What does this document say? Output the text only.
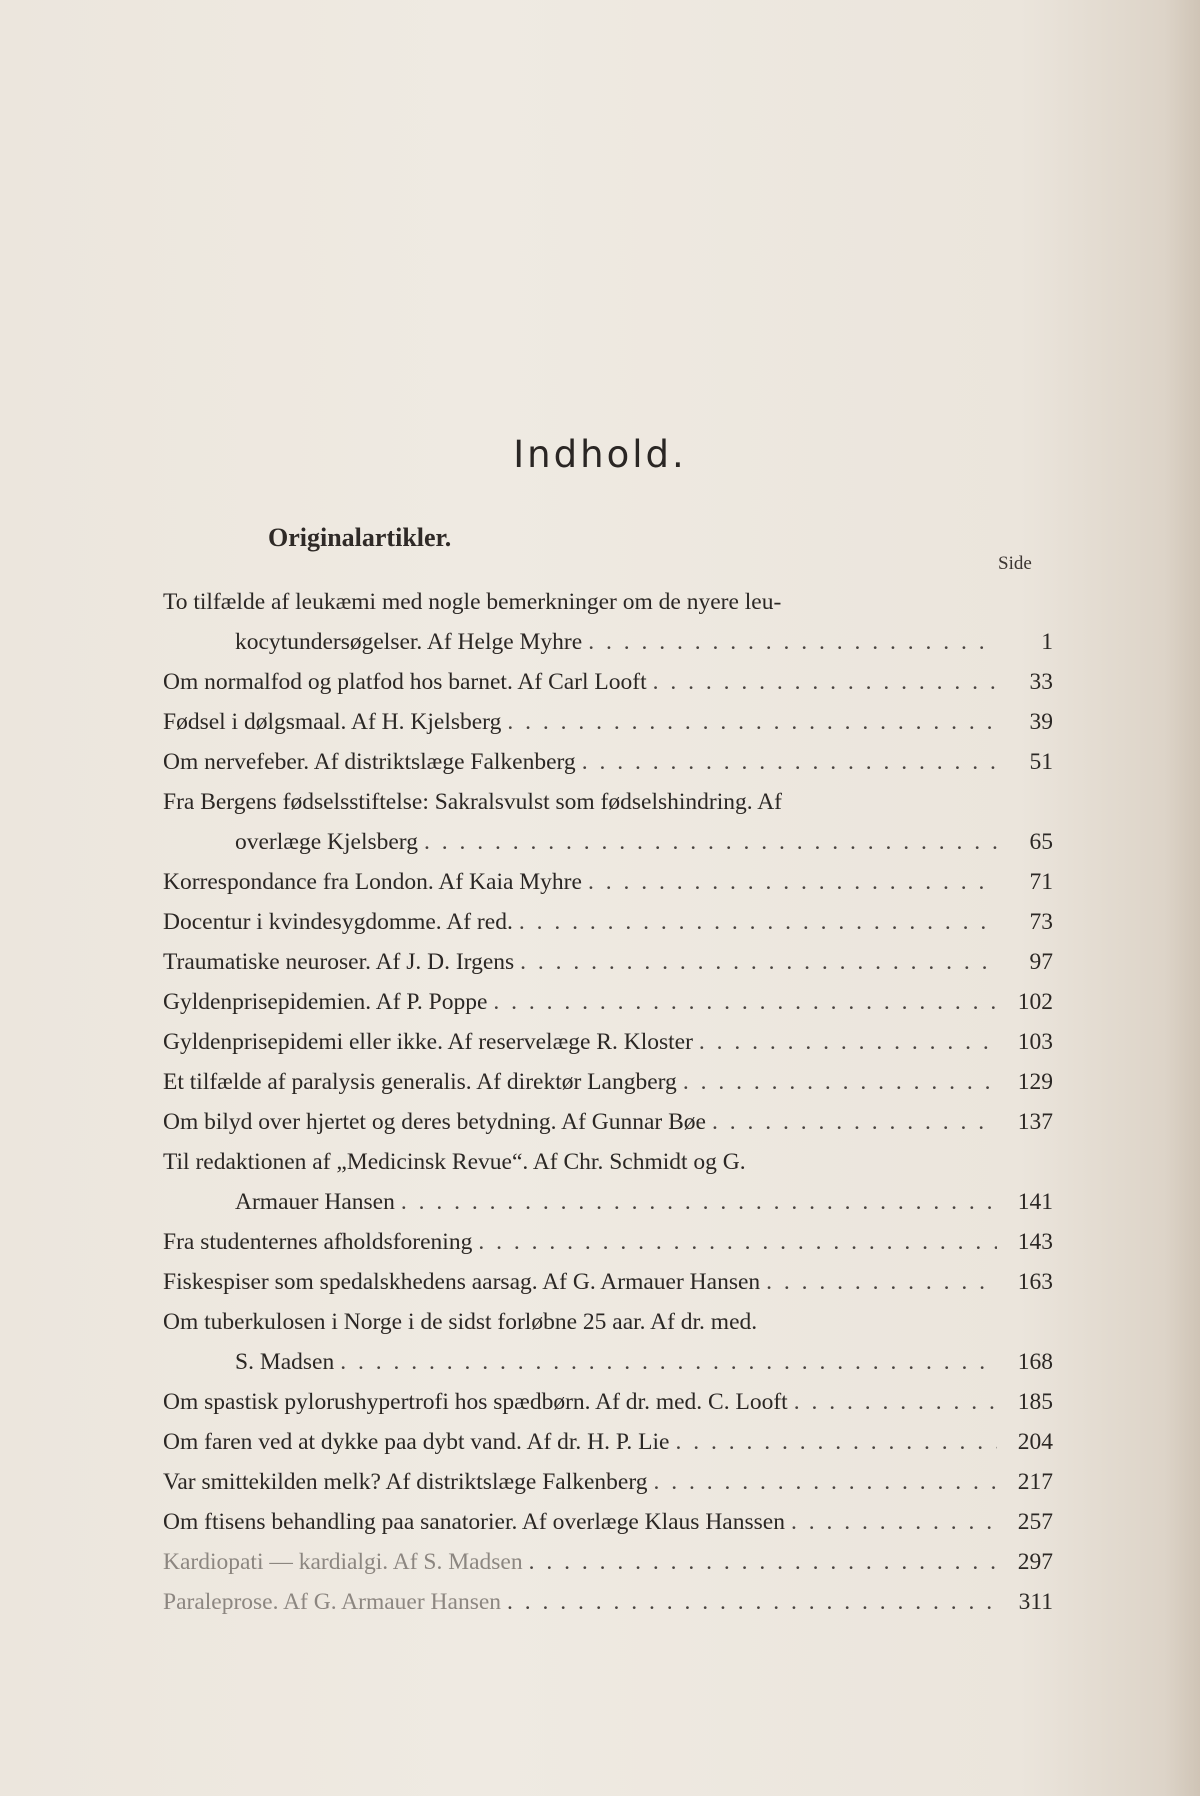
Indhold.
Originalartikler.
Side
To tilfælde af leukæmi med nogle bemerkninger om de nyere leu-
kocytundersøgelser. Af Helge Myhre . . .	1
Om normalfod og platfod hos barnet. Af Carl Looft . . .	33
Fødsel i dølgsmaal. Af H. Kjelsberg . . .	39
Om nervefeber. Af distriktslæge Falkenberg . . .	51
Fra Bergens fødselsstiftelse: Sakralsvulst som fødselshindring. Af
overlæge Kjelsberg . . .	65
Korrespondance fra London. Af Kaia Myhre . . .	71
Docentur i kvindesygdomme. Af red. . . .	73
Traumatiske neuroser. Af J. D. Irgens . . .	97
Gyldenprisepidemien. Af P. Poppe . . .	102
Gyldenprisepidemi eller ikke. Af reservelæge R. Kloster . . .	103
Et tilfælde af paralysis generalis. Af direktør Langberg . . .	129
Om bilyd over hjertet og deres betydning. Af Gunnar Bøe . . .	137
Til redaktionen af „Medicinsk Revue“. Af Chr. Schmidt og G.
Armauer Hansen . . .	141
Fra studenternes afholdsforening . . .	143
Fiskespiser som spedalskhedens aarsag. Af G. Armauer Hansen . . .	163
Om tuberkulosen i Norge i de sidst forløbne 25 aar. Af dr. med.
S. Madsen . . .	168
Om spastisk pylorushypertrofi hos spædbørn. Af dr. med. C. Looft . . .	185
Om faren ved at dykke paa dybt vand. Af dr. H. P. Lie . . .	204
Var smittekilden melk? Af distriktslæge Falkenberg . . .	217
Om ftisens behandling paa sanatorier. Af overlæge Klaus Hanssen . . .	257
Kardiopati — kardialgi. Af S. Madsen . . .	297
Paraleprose. Af G. Armauer Hansen . . .	311
